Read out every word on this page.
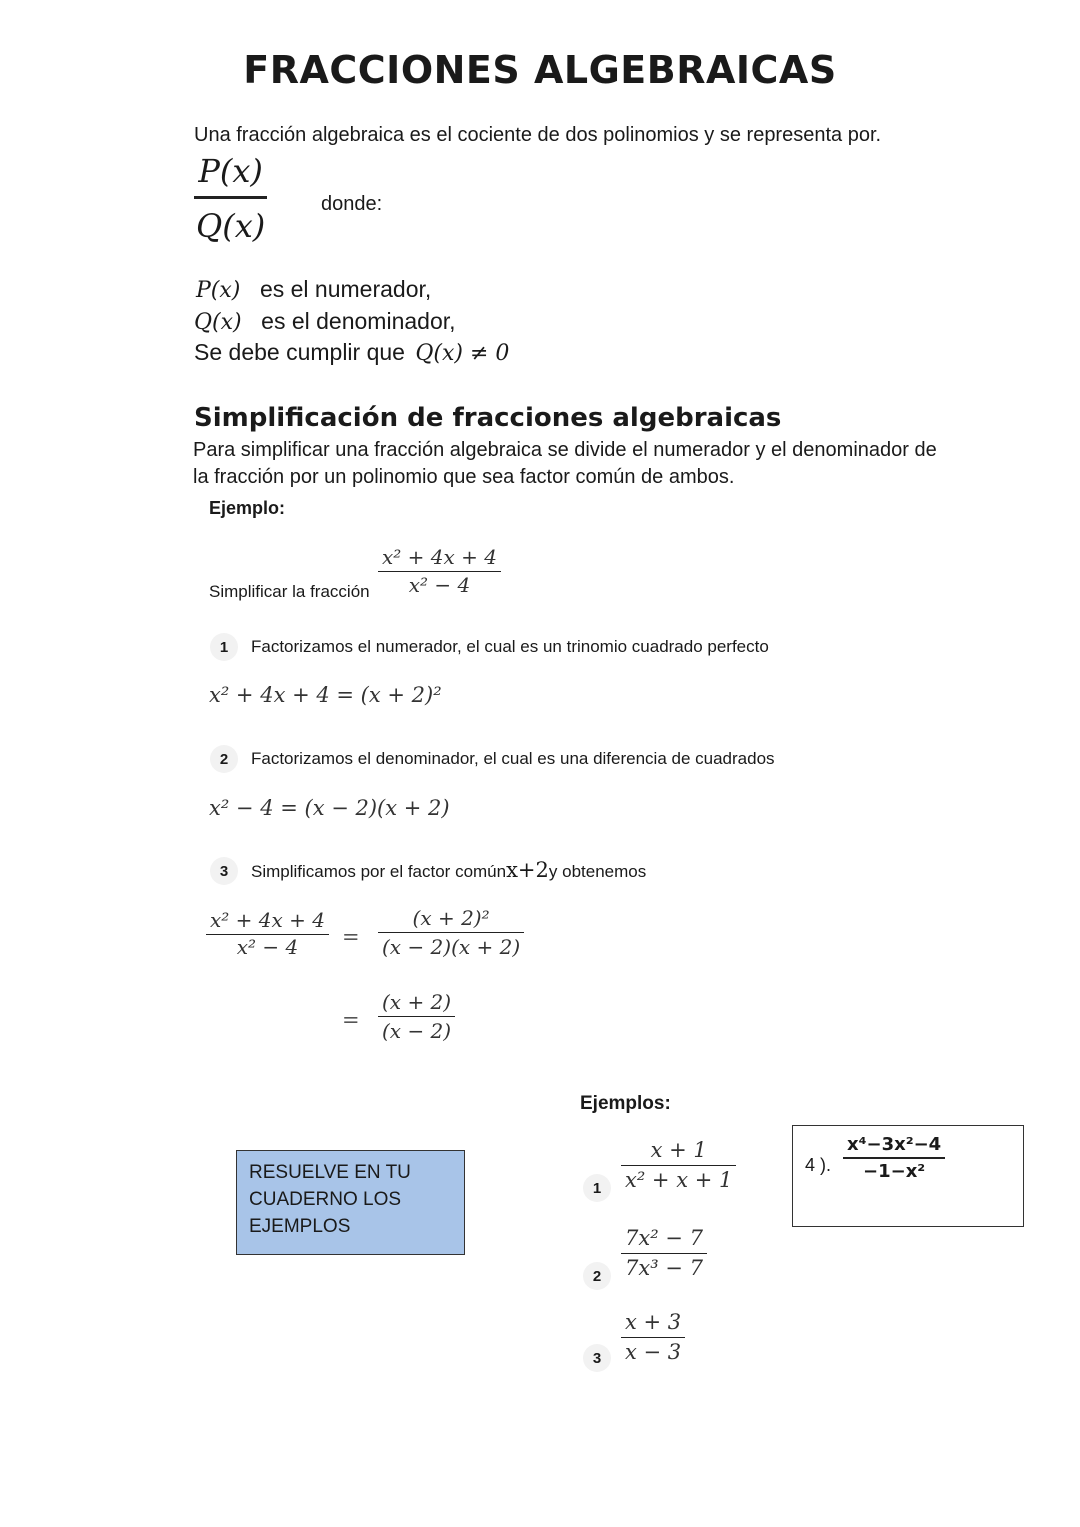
FRACCIONES ALGEBRAICAS
Una fracción algebraica es el cociente de dos polinomios y se representa por.
$\frac{P(x)}{Q(x)}$	donde:
P(x) es el numerador,
Q(x) es el denominador,
Se debe cumplir que Q(x) ≠ 0
Simplificación de fracciones algebraicas
Para simplificar una fracción algebraica se divide el numerador y el denominador de
la fracción por un polinomio que sea factor común de ambos.
Ejemplo:
Simplificar la fracción $\frac{\text{x² + 4x + 4}}{\text{x² − 4}}$
1	Factorizamos el numerador, el cual es un trinomio cuadrado perfecto
x² + 4x + 4 = (x + 2)²
2	Factorizamos el denominador, el cual es una diferencia de cuadrados
x² − 4 = (x − 2)(x + 2)
3	Simplificamos por el factor comúnx+2y obtenemos
$\frac{\text{x² + 4x + 4}}{\text{x² − 4}} = \frac{\text{(x + 2)²}}{(x - 2)(x + 2)}$
= $\frac{(x + 2)}{(x - 2)}$
Ejemplos:
RESUELVE EN TU
CUADERNO LOS
EJEMPLOS
$1 \frac{x + 1}{\text{x² + x + 1}}$
$2 \frac{\text{7x² − 7}}{\text{7x³ − 7}}$
$3 \frac{x + 3}{x - 3}$
4 ). $\frac{\text{x⁴−3x²−4}}{\text{−1−x²}}$
